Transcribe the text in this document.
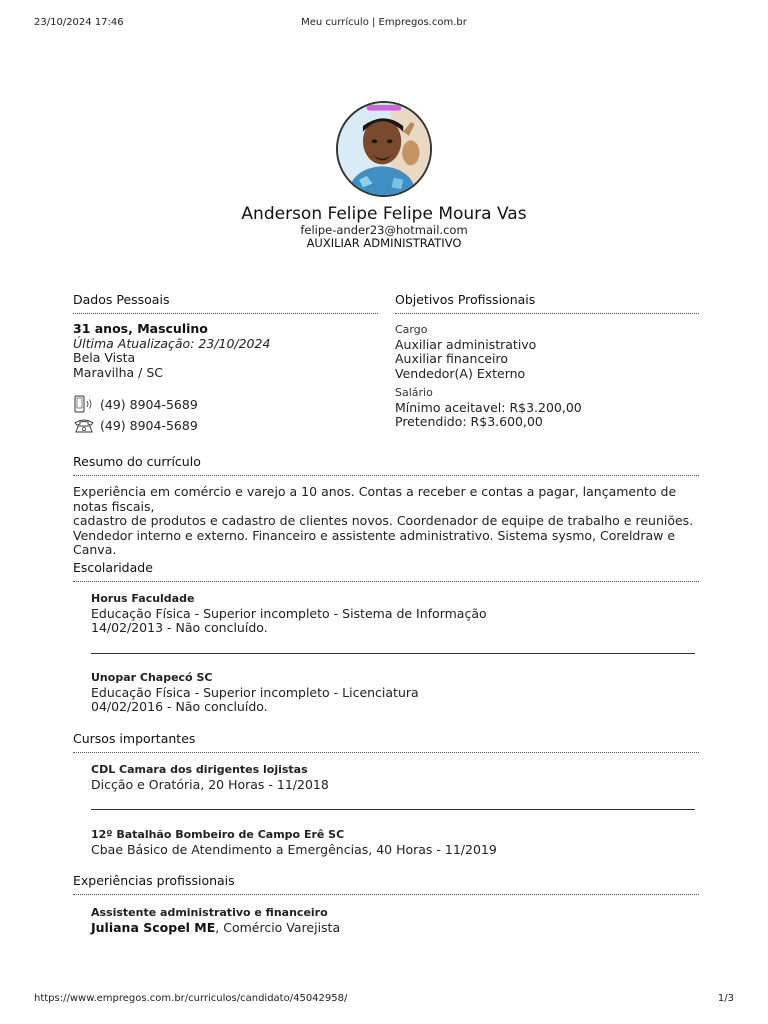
23/10/2024 17:46	Meu currículo | Empregos.com.br
Anderson Felipe Felipe Moura Vas
felipe-ander23@hotmail.com
AUXILIAR ADMINISTRATIVO
Dados Pessoais
31 anos, Masculino
Última Atualização: 23/10/2024
Bela Vista
Maravilha / SC
(49) 8904-5689
(49) 8904-5689
Objetivos Profissionais
Cargo
Auxiliar administrativo
Auxiliar financeiro
Vendedor(A) Externo
Salário
Mínimo aceitavel: R$3.200,00
Pretendido: R$3.600,00
Resumo do currículo
Experiência em comércio e varejo a 10 anos. Contas a receber e contas a pagar, lançamento de notas fiscais,
cadastro de produtos e cadastro de clientes novos. Coordenador de equipe de trabalho e reuniões.
Vendedor interno e externo. Financeiro e assistente administrativo. Sistema sysmo, Coreldraw e Canva.
Escolaridade
Horus Faculdade
Educação Física - Superior incompleto - Sistema de Informação
14/02/2013 - Não concluído.
Unopar Chapecó SC
Educação Física - Superior incompleto - Licenciatura
04/02/2016 - Não concluído.
Cursos importantes
CDL Camara dos dirigentes lojistas
Dicção e Oratória, 20 Horas - 11/2018
12º Batalhão Bombeiro de Campo Erê SC
Cbae Básico de Atendimento a Emergências, 40 Horas - 11/2019
Experiências profissionais
Assistente administrativo e financeiro
Juliana Scopel ME, Comércio Varejista
https://www.empregos.com.br/curriculos/candidato/45042958/	1/3
